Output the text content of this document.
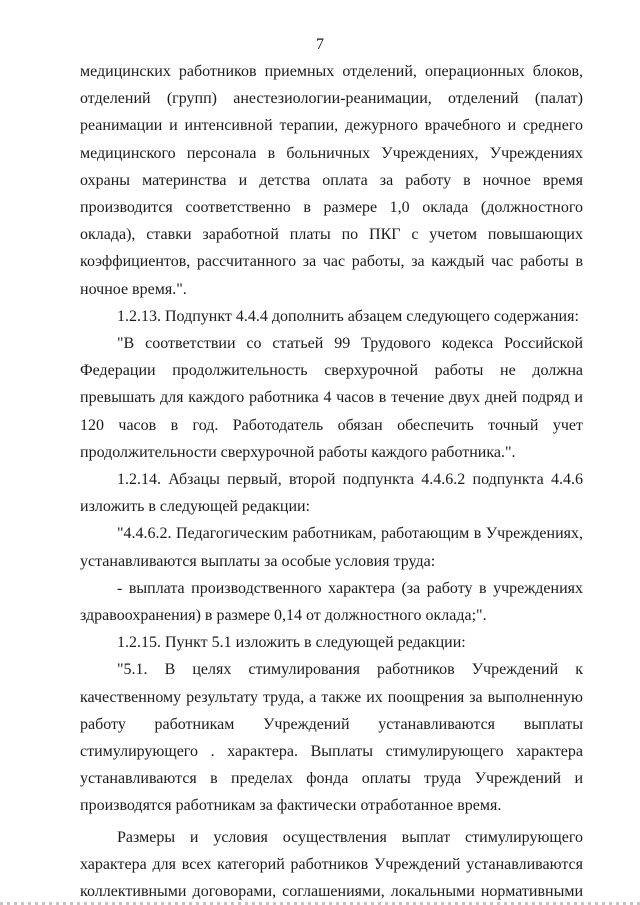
7

медицинских работников приемных отделений, операционных блоков, отделений (групп) анестезиологии-реанимации, отделений (палат) реанимации и интенсивной терапии, дежурного врачебного и среднего медицинского персонала в больничных Учреждениях, Учреждениях охраны материнства и детства оплата за работу в ночное время производится соответственно в размере 1,0 оклада (должностного оклада), ставки заработной платы по ПКГ с учетом повышающих коэффициентов, рассчитанного за час работы, за каждый час работы в ночное время.".

1.2.13. Подпункт 4.4.4 дополнить абзацем следующего содержания:

"В соответствии со статьей 99 Трудового кодекса Российской Федерации продолжительность сверхурочной работы не должна превышать для каждого работника 4 часов в течение двух дней подряд и 120 часов в год. Работодатель обязан обеспечить точный учет продолжительности сверхурочной работы каждого работника.".

1.2.14. Абзацы первый, второй подпункта 4.4.6.2 подпункта 4.4.6 изложить в следующей редакции:

"4.4.6.2. Педагогическим работникам, работающим в Учреждениях, устанавливаются выплаты за особые условия труда:

- выплата производственного характера (за работу в учреждениях здравоохранения) в размере 0,14 от должностного оклада;".

1.2.15. Пункт 5.1 изложить в следующей редакции:

"5.1. В целях стимулирования работников Учреждений к качественному результату труда, а также их поощрения за выполненную работу работникам Учреждений устанавливаются выплаты стимулирующего . характера. Выплаты стимулирующего характера устанавливаются в пределах фонда оплаты труда Учреждений и производятся работникам за фактически отработанное время.

Размеры и условия осуществления выплат стимулирующего характера для всех категорий работников Учреждений устанавливаются коллективными договорами, соглашениями, локальными нормативными
